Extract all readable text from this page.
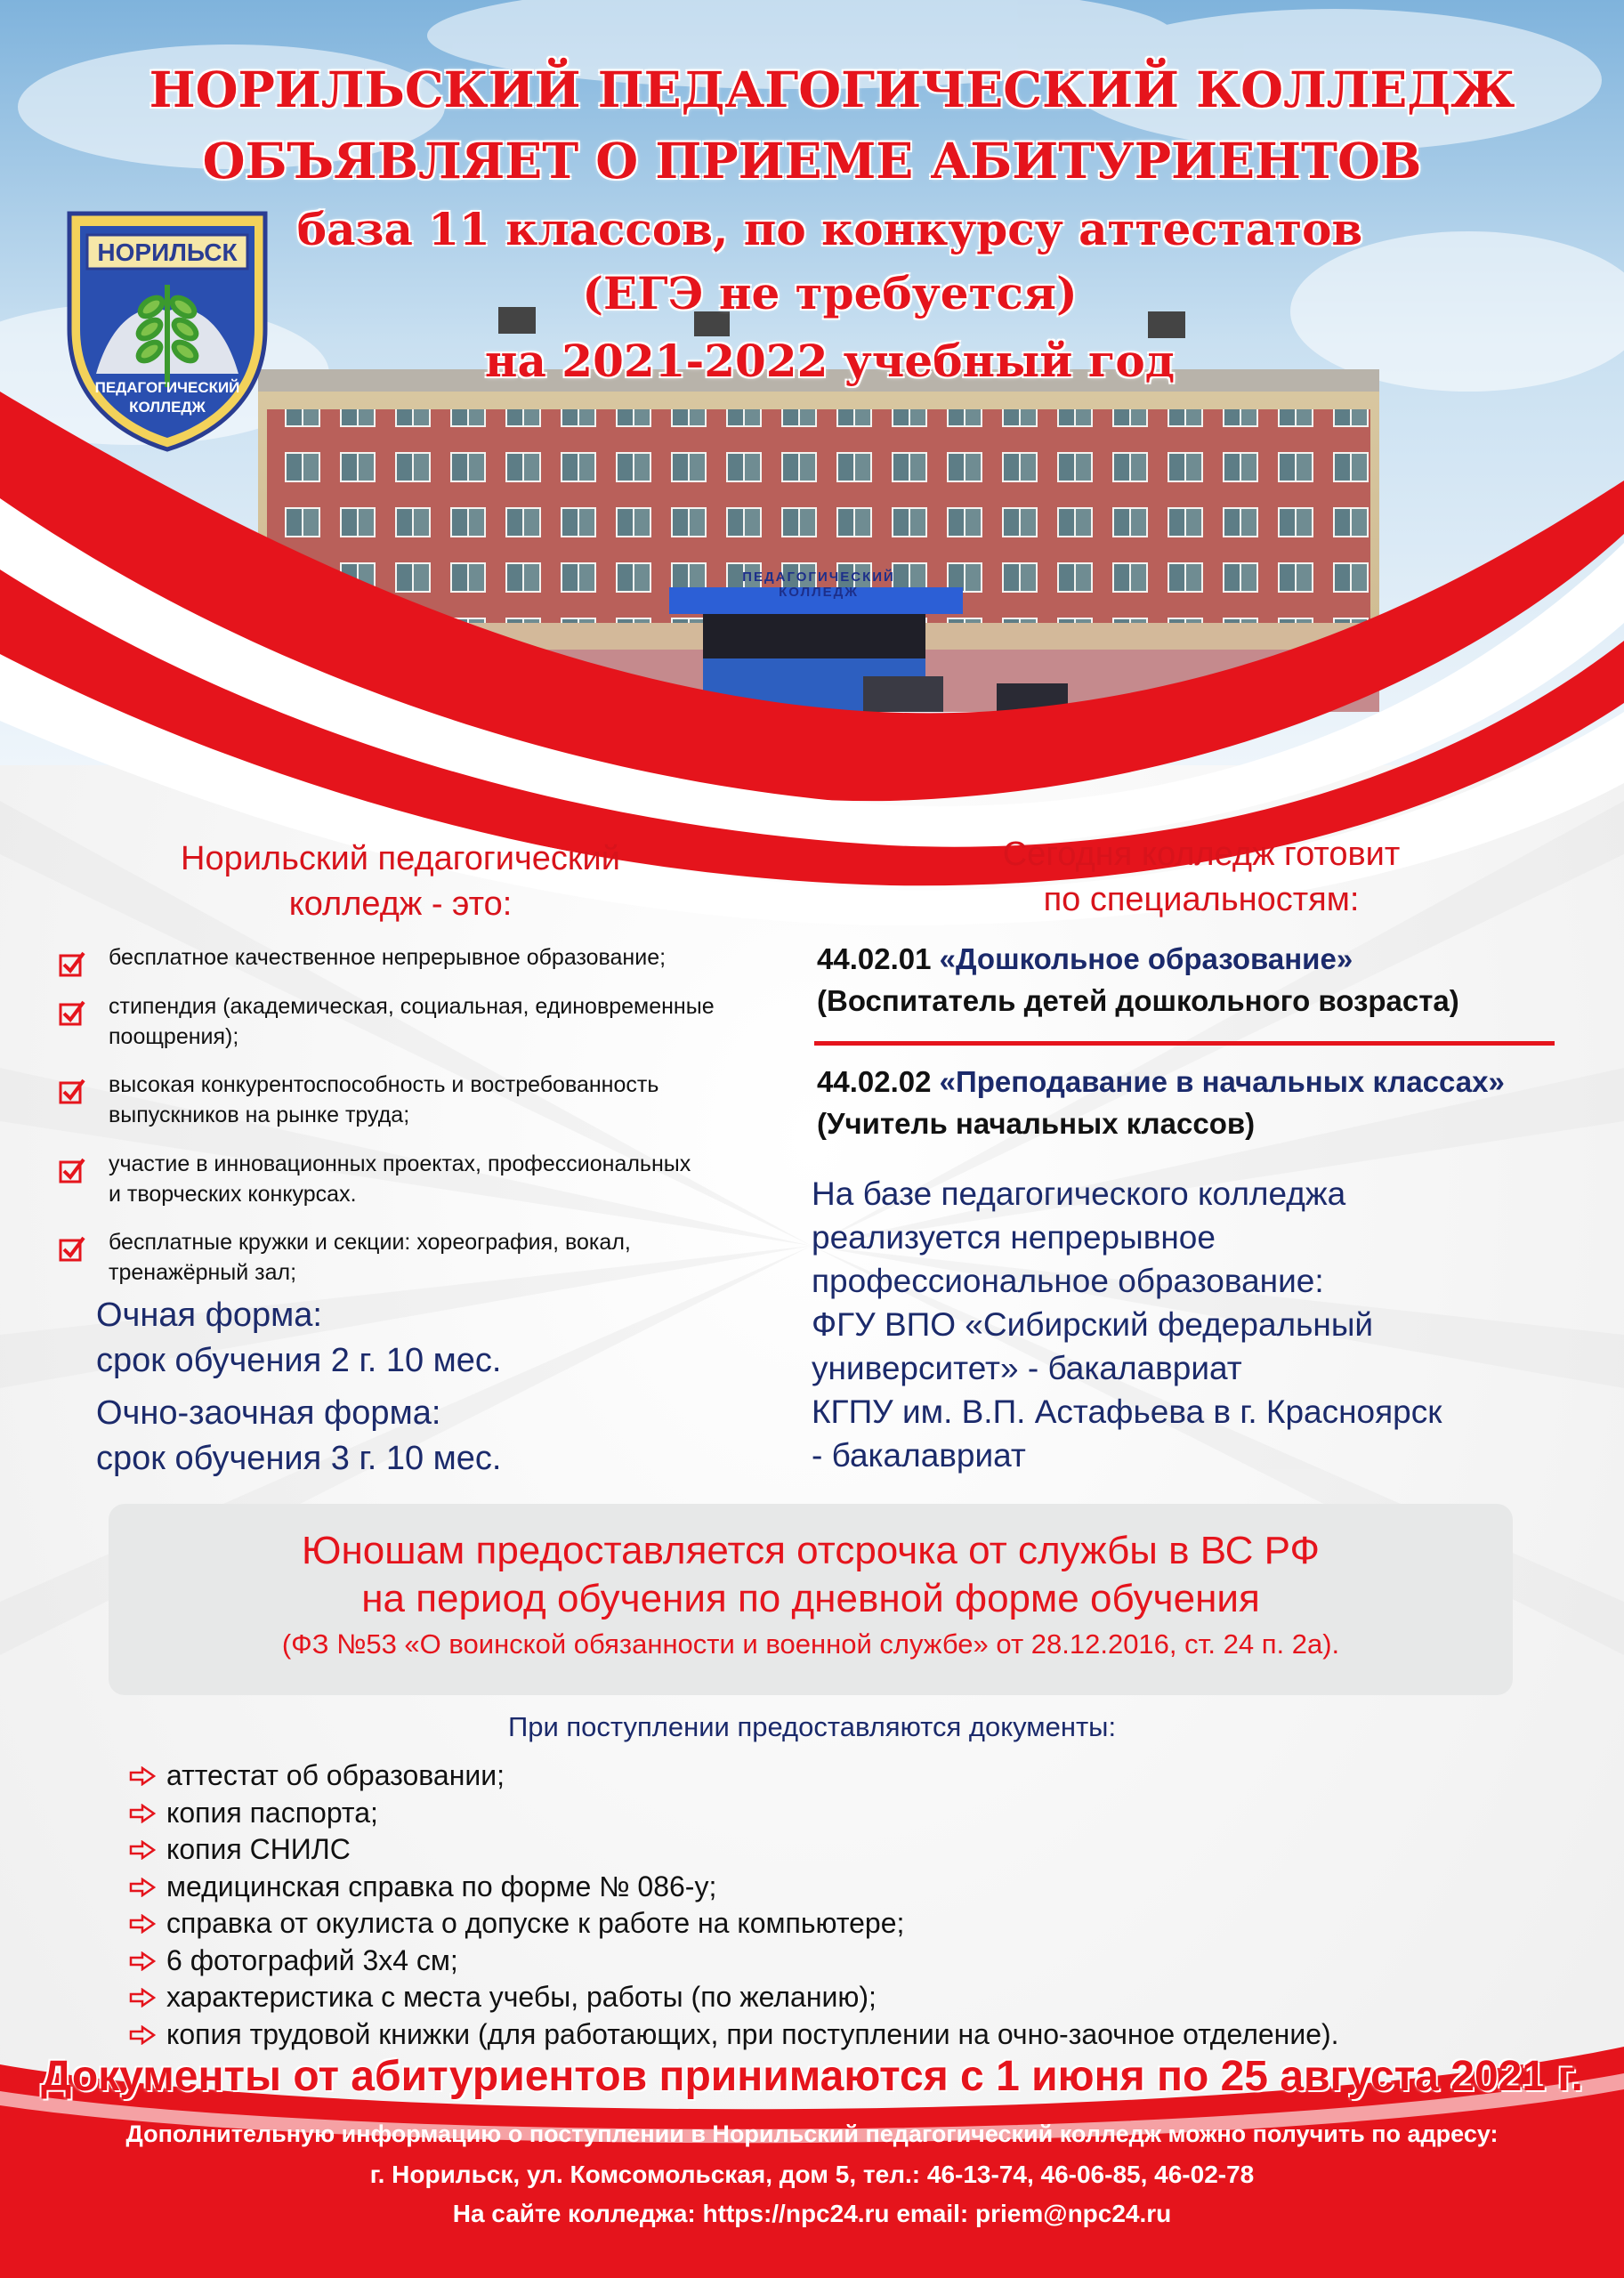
НОРИЛЬСК
ПЕДАГОГИЧЕСКИЙ
КОЛЛЕДЖ
ПЕДАГОГИЧЕСКИЙ КОЛЛЕДЖ
НОРИЛЬСКИЙ ПЕДАГОГИЧЕСКИЙ КОЛЛЕДЖ
ОБЪЯВЛЯЕТ О ПРИЕМЕ АБИТУРИЕНТОВ
база 11 классов, по конкурсу аттестатов
(ЕГЭ не требуется)
на 2021-2022 учебный год
Норильский педагогический
колледж - это:
бесплатное качественное непрерывное образование;
стипендия (академическая, социальная, единовременные
поощрения);
высокая конкурентоспособность и востребованность
выпускников на рынке труда;
участие в инновационных проектах, профессиональных
и творческих конкурсах.
бесплатные кружки и секции: хореография, вокал,
тренажёрный зал;
Очная форма:
срок обучения 2 г. 10 мес.
Очно-заочная форма:
срок обучения 3 г. 10 мес.
Сегодня колледж готовит
по специальностям:
44.02.01 «Дошкольное образование»
(Воспитатель детей дошкольного возраста)
44.02.02 «Преподавание в начальных классах»
(Учитель начальных классов)
На базе педагогического колледжа
реализуется непрерывное
профессиональное образование:
ФГУ ВПО «Сибирский федеральный
университет» - бакалавриат
КГПУ им. В.П. Астафьева в г. Красноярск
- бакалавриат
Юношам предоставляется отсрочка от службы в ВС РФ
на период обучения по дневной форме обучения
(ФЗ №53 «О воинской обязанности и военной службе» от 28.12.2016, ст. 24 п. 2а).
При поступлении предоставляются документы:
аттестат об образовании;
копия паспорта;
копия СНИЛС
медицинская справка по форме № 086-у;
справка от окулиста о допуске к работе на компьютере;
6 фотографий 3х4 см;
характеристика с места учебы, работы (по желанию);
копия трудовой книжки (для работающих, при поступлении на очно-заочное отделение).
Документы от абитуриентов принимаются с 1 июня по 25 августа 2021 г.
Дополнительную информацию о поступлении в Норильский педагогический колледж можно получить по адресу:
г. Норильск, ул. Комсомольская, дом 5, тел.: 46-13-74, 46-06-85, 46-02-78
На сайте колледжа: https://npc24.ru email: priem@npc24.ru
